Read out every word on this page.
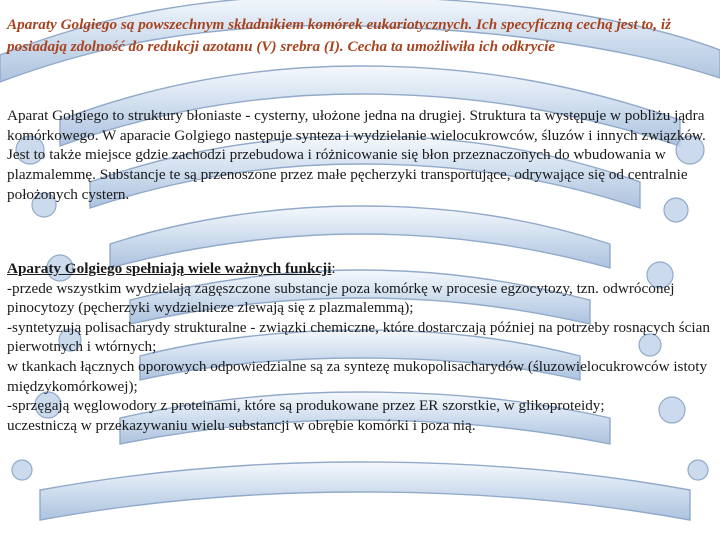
Aparaty Golgiego są powszechnym składnikiem komórek eukariotycznych. Ich specyficzną cechą jest to, iż posiadają zdolność do redukcji azotanu (V) srebra (I). Cecha ta umożliwiła ich odkrycie

Aparat Golgiego to struktury błoniaste - cysterny, ułożone jedna na drugiej. Struktura ta występuje w pobliżu jądra komórkowego. W aparacie Golgiego następuje synteza i wydzielanie wielocukrowców, śluzów i innych związków. Jest to także miejsce gdzie zachodzi przebudowa i różnicowanie się błon przeznaczonych do wbudowania w plazmalemmę. Substancje te są przenoszone przez małe pęcherzyki transportujące, odrywające się od centralnie położonych cystern.

Aparaty Golgiego spełniają wiele ważnych funkcji:
-przede wszystkim wydzielają zagęszczone substancje poza komórkę w procesie egzocytozy, tzn. odwróconej pinocytozy (pęcherzyki wydzielnicze zlewają się z plazmalemmą);
-syntetyzują polisacharydy strukturalne - związki chemiczne, które dostarczają później na potrzeby rosnących ścian pierwotnych i wtórnych;
w tkankach łącznych oporowych odpowiedzialne są za syntezę mukopolisacharydów (śluzowielocukrowców istoty międzykomórkowej);
-sprzęgają węglowodory z proteinami, które są produkowane przez ER szorstkie, w glikoproteidy;
uczestniczą w przekazywaniu wielu substancji w obrębie komórki i poza nią.
